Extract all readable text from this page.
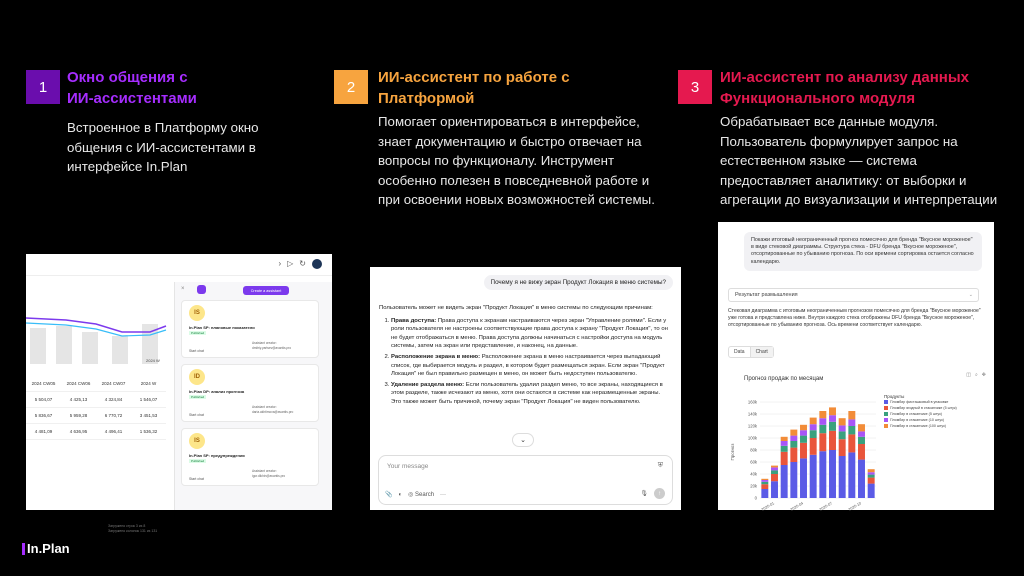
1
Окно общения с
ИИ-ассистентами
Встроенное в Платформу окно
общения с ИИ-ассистентами в
интерфейсе In.Plan
2
ИИ-ассистент по работе с
Платформой
Помогает ориентироваться в интерфейсе,
знает документацию и быстро отвечает на
вопросы по функционалу. Инструмент
особенно полезен в повседневной работе и
при освоении новых возможностей системы.
3
ИИ-ассистент по анализу данных
Функционального модуля
Обрабатывает все данные модуля.
Пользователь формулирует запрос на
естественном языке — система
предоставляет аналитику: от выборки и
агрегации до визуализации и интерпретации
› ▷ ↻
2024 W
2024 CW05	2024 CW06	2024 CW07	2024 W
5 504,07	4 425,13	4 324,84	1 546,07
5 836,67	5 959,28	6 770,72	3 451,53
4 481,09	4 636,95	4 496,41	1 536,32
Загружено строк 3 из 8
Загружено колонок 131 из 131
×	Create a assistant
IS
In.Plan SP: плановые показатели
Published
Start chat
Assistant creator:
dmitriy.yartsev@avantis.pro
ID
In.Plan DP: анализ прогноза
Published
Start chat
Assistant creator:
daria.akhtimova@avantis.pro
IS
In.Plan SP: предупреждения
Published
Start chat
Assistant creator:
igor.dikhin@avantis.pro
Почему я не вижу экран Продукт Локация в меню системы?
Пользователь может не видеть экран "Продукт Локация" в меню системы по следующим причинам:
1. Права доступа: Права доступа к экранам настраиваются через экран "Управление ролями". Если у роли пользователя не настроены соответствующие права доступа к экрану "Продукт Локация", то он не будет отображаться в меню. Права доступа должны начинаться с настройки доступа на модуль системы, затем на экран или представление, и наконец, на данные.
2. Расположение экрана в меню: Расположение экрана в меню настраивается через выпадающий список, где выбирается модуль и раздел, в котором будет размещаться экран. Если экран "Продукт Локация" не был правильно размещен в меню, он может быть недоступен пользователю.
3. Удаление раздела меню: Если пользователь удалил раздел меню, то все экраны, находящиеся в этом разделе, также исчезают из меню, хотя они остаются в системе как неразмещенные экраны. Это также может быть причиной, почему экран "Продукт Локация" не виден пользователю.
⌄
Your message	⛨
📎 ◐ ◎ Search ···	🎙 ↑
Покажи итоговый неограниченный прогноз помесячно для бренда "Вкусное мороженое" в виде стековой диаграммы. Структура стека - DFU бренда "Вкусное мороженое", отсортированные по убыванию прогноза. По оси времени сортировка остается согласно календарю.
Результат размышления	⌄
Стековая диаграмма с итоговым неограниченным прогнозом помесячно для бренда "Вкусное мороженое" уже готова и представлена ниже. Внутри каждого стека отображены DFU бренда "Вкусное мороженое", отсортированные по убыванию прогноза. Ось времени соответствует календарю.
Data	Chart
Прогноз продаж по месяцам
◫ ⌕ ✥
0
20k
40k
60k
80k
100k
120k
140k
160k
Прогноз
2025-01	2025-04	2025-07	2025-10
Продукты
Пломбир фисташковый в упаковке
Пломбир ягодный в стаканчике (5 штук)
Пломбир в стаканчике (5 штук)
Пломбир в стаканчике (10 штук)
Пломбир в стаканчике (100 штук)
In .Plan
